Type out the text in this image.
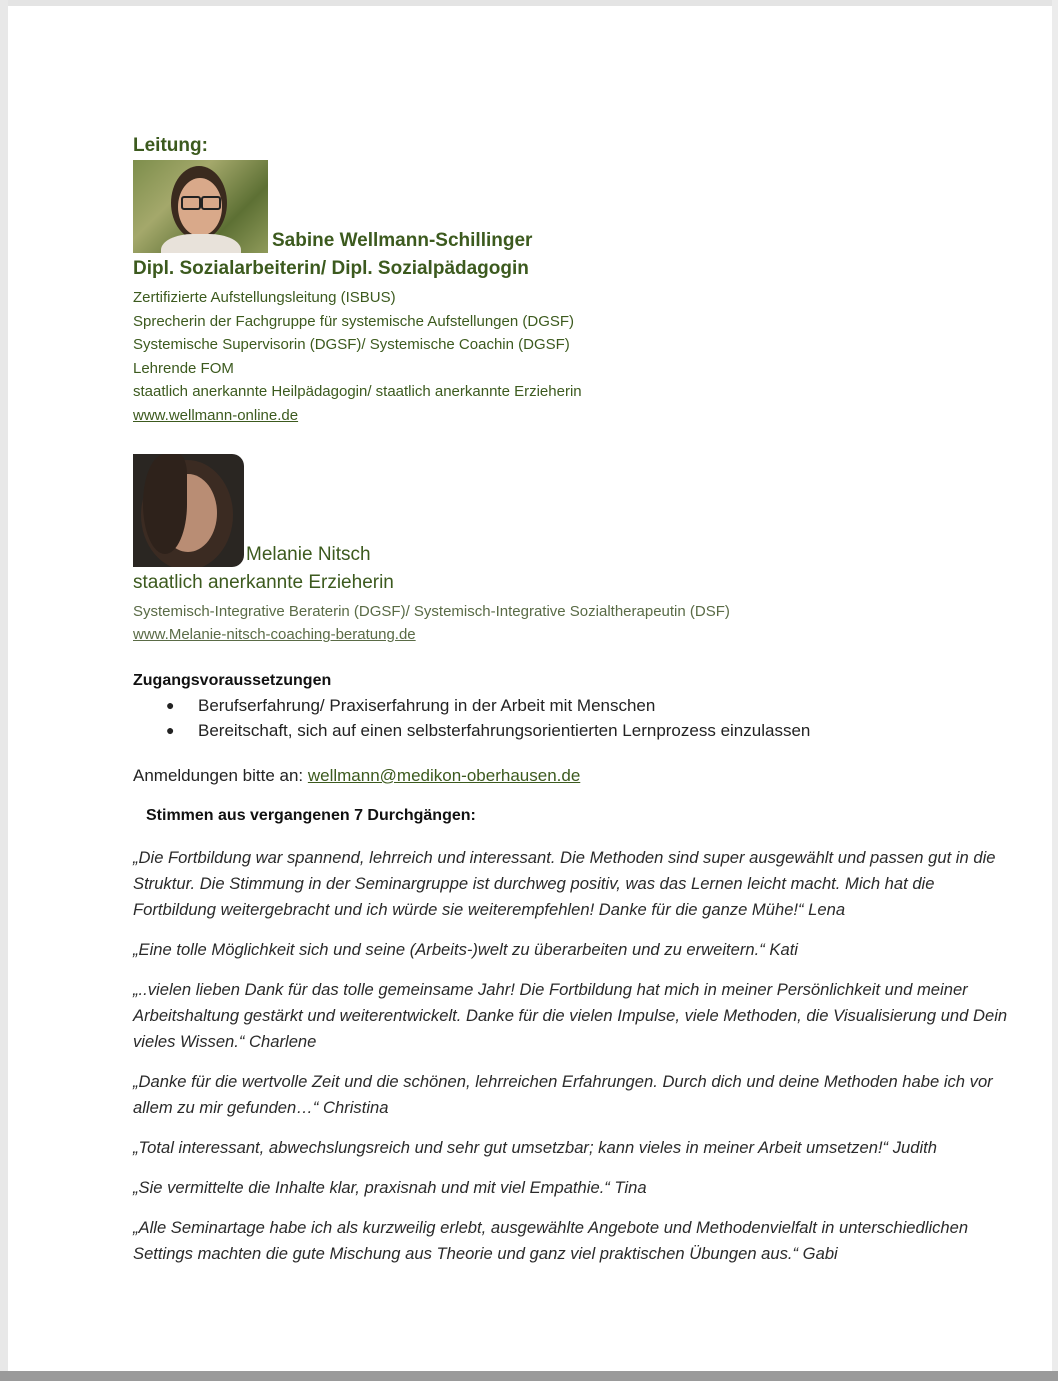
Leitung:

Sabine Wellmann-Schillinger

Dipl. Sozialarbeiterin/ Dipl. Sozialpädagogin

Zertifizierte Aufstellungsleitung (ISBUS)

Sprecherin der Fachgruppe für systemische Aufstellungen (DGSF)

Systemische Supervisorin (DGSF)/ Systemische Coachin (DGSF)

Lehrende FOM

staatlich anerkannte Heilpädagogin/ staatlich anerkannte Erzieherin

www.wellmann-online.de
Melanie Nitsch

staatlich anerkannte Erzieherin

Systemisch-Integrative Beraterin (DGSF)/ Systemisch-Integrative Sozialtherapeutin (DSF)

www.Melanie-nitsch-coaching-beratung.de

Zugangsvoraussetzungen

●	Berufserfahrung/ Praxiserfahrung in der Arbeit mit Menschen
●	Bereitschaft, sich auf einen selbsterfahrungsorientierten Lernprozess einzulassen

Anmeldungen bitte an: wellmann@medikon-oberhausen.de

Stimmen aus vergangenen 7 Durchgängen:

„Die Fortbildung war spannend, lehrreich und interessant. Die Methoden sind super ausgewählt und passen gut in die Struktur. Die Stimmung in der Seminargruppe ist durchweg positiv, was das Lernen leicht macht. Mich hat die Fortbildung weitergebracht und ich würde sie weiterempfehlen! Danke für die ganze Mühe!“ Lena

„Eine tolle Möglichkeit sich und seine (Arbeits-)welt zu überarbeiten und zu erweitern.“ Kati

„..vielen lieben Dank für das tolle gemeinsame Jahr! Die Fortbildung hat mich in meiner Persönlichkeit und meiner Arbeitshaltung gestärkt und weiterentwickelt. Danke für die vielen Impulse, viele Methoden, die Visualisierung und Dein vieles Wissen.“ Charlene

„Danke für die wertvolle Zeit und die schönen, lehrreichen Erfahrungen. Durch dich und deine Methoden habe ich vor allem zu mir gefunden…“ Christina

„Total interessant, abwechslungsreich und sehr gut umsetzbar; kann vieles in meiner Arbeit umsetzen!“ Judith

„Sie vermittelte die Inhalte klar, praxisnah und mit viel Empathie.“ Tina

„Alle Seminartage habe ich als kurzweilig erlebt, ausgewählte Angebote und Methodenvielfalt in unterschiedlichen Settings machten die gute Mischung aus Theorie und ganz viel praktischen Übungen aus.“ Gabi
